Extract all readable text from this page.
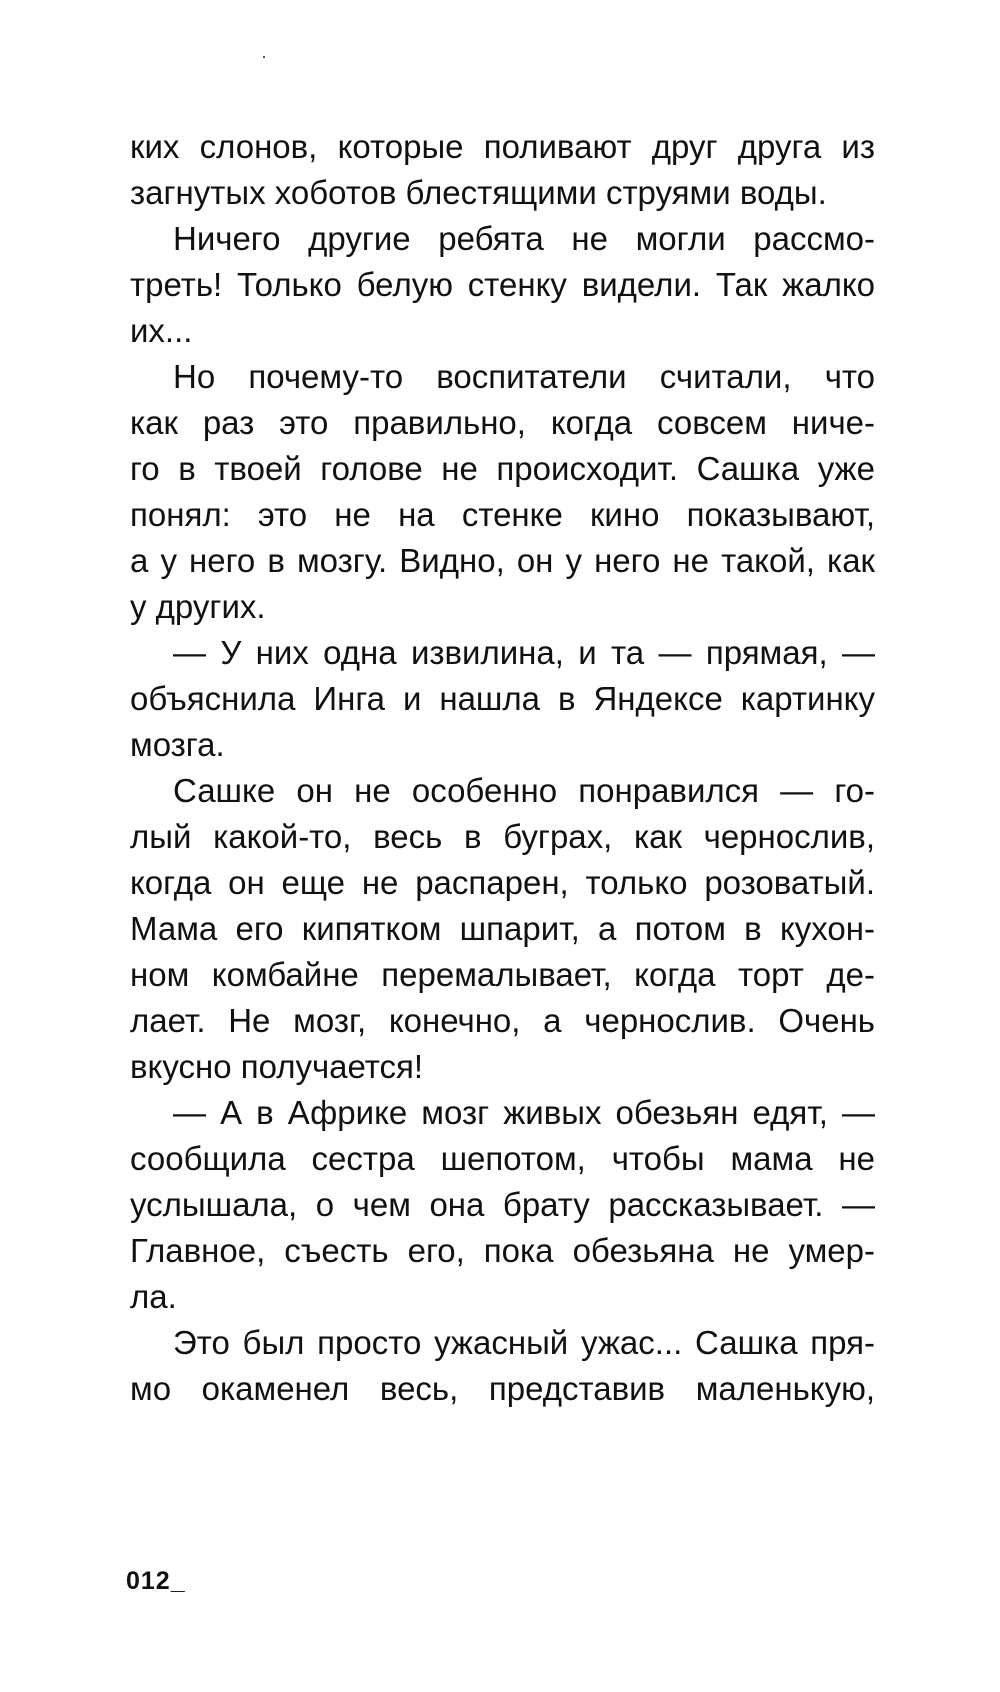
ких слонов, которые поливают друг друга из
загнутых хоботов блестящими струями воды.
Ничего другие ребята не могли рассмо-
треть! Только белую стенку видели. Так жалко
их...
Но почему-то воспитатели считали, что
как раз это правильно, когда совсем ниче-
го в твоей голове не происходит. Сашка уже
понял: это не на стенке кино показывают,
а у него в мозгу. Видно, он у него не такой, как
у других.
— У них одна извилина, и та — прямая, —
объяснила Инга и нашла в Яндексе картинку
мозга.
Сашке он не особенно понравился — го-
лый какой-то, весь в буграх, как чернослив,
когда он еще не распарен, только розоватый.
Мама его кипятком шпарит, а потом в кухон-
ном комбайне перемалывает, когда торт де-
лает. Не мозг, конечно, а чернослив. Очень
вкусно получается!
— А в Африке мозг живых обезьян едят, —
сообщила сестра шепотом, чтобы мама не
услышала, о чем она брату рассказывает. —
Главное, съесть его, пока обезьяна не умер-
ла.
Это был просто ужасный ужас... Сашка пря-
мо окаменел весь, представив маленькую,
012_
